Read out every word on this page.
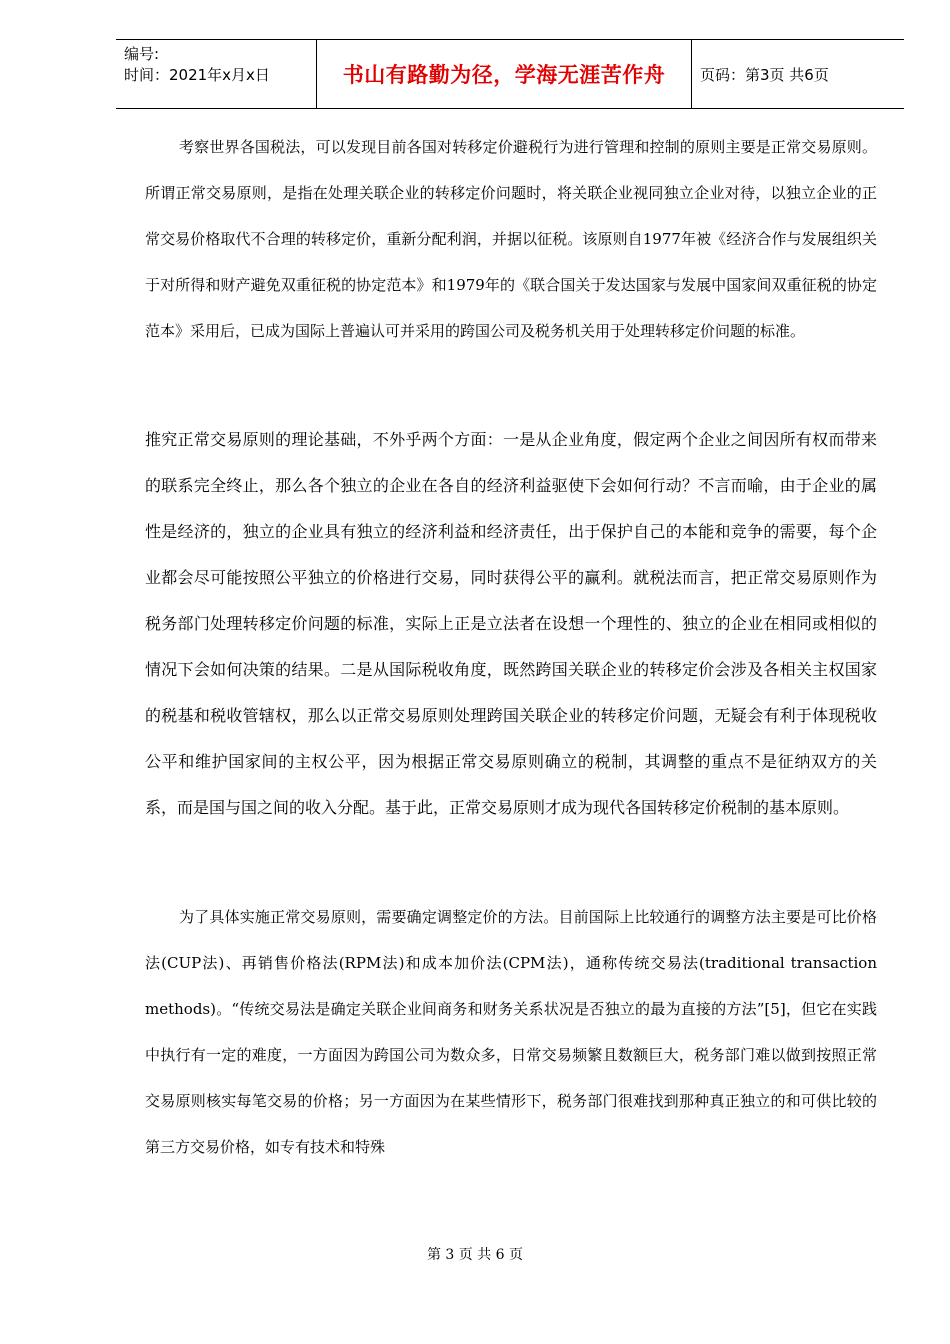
编号:
时间：2021年x月x日	书山有路勤为径，学海无涯苦作舟	页码：第3页 共6页
考察世界各国税法，可以发现目前各国对转移定价避税行为进行管理和控制的原则主要是正常交易原则。所谓正常交易原则，是指在处理关联企业的转移定价问题时，将关联企业视同独立企业对待，以独立企业的正常交易价格取代不合理的转移定价，重新分配利润，并据以征税。该原则自1977年被《经济合作与发展组织关于对所得和财产避免双重征税的协定范本》和1979年的《联合国关于发达国家与发展中国家间双重征税的协定范本》采用后，已成为国际上普遍认可并采用的跨国公司及税务机关用于处理转移定价问题的标准。
推究正常交易原则的理论基础，不外乎两个方面：一是从企业角度，假定两个企业之间因所有权而带来的联系完全终止，那么各个独立的企业在各自的经济利益驱使下会如何行动？不言而喻，由于企业的属性是经济的，独立的企业具有独立的经济利益和经济责任，出于保护自己的本能和竞争的需要，每个企业都会尽可能按照公平独立的价格进行交易，同时获得公平的赢利。就税法而言，把正常交易原则作为税务部门处理转移定价问题的标准，实际上正是立法者在设想一个理性的、独立的企业在相同或相似的情况下会如何决策的结果。二是从国际税收角度，既然跨国关联企业的转移定价会涉及各相关主权国家的税基和税收管辖权，那么以正常交易原则处理跨国关联企业的转移定价问题，无疑会有利于体现税收公平和维护国家间的主权公平，因为根据正常交易原则确立的税制，其调整的重点不是征纳双方的关系，而是国与国之间的收入分配。基于此，正常交易原则才成为现代各国转移定价税制的基本原则。
为了具体实施正常交易原则，需要确定调整定价的方法。目前国际上比较通行的调整方法主要是可比价格法(CUP法)、再销售价格法(RPM法)和成本加价法(CPM法)，通称传统交易法(traditional transaction methods)。“传统交易法是确定关联企业间商务和财务关系状况是否独立的最为直接的方法”[5]，但它在实践中执行有一定的难度，一方面因为跨国公司为数众多，日常交易频繁且数额巨大，税务部门难以做到按照正常交易原则核实每笔交易的价格；另一方面因为在某些情形下，税务部门很难找到那种真正独立的和可供比较的第三方交易价格，如专有技术和特殊
第 3 页 共 6 页
